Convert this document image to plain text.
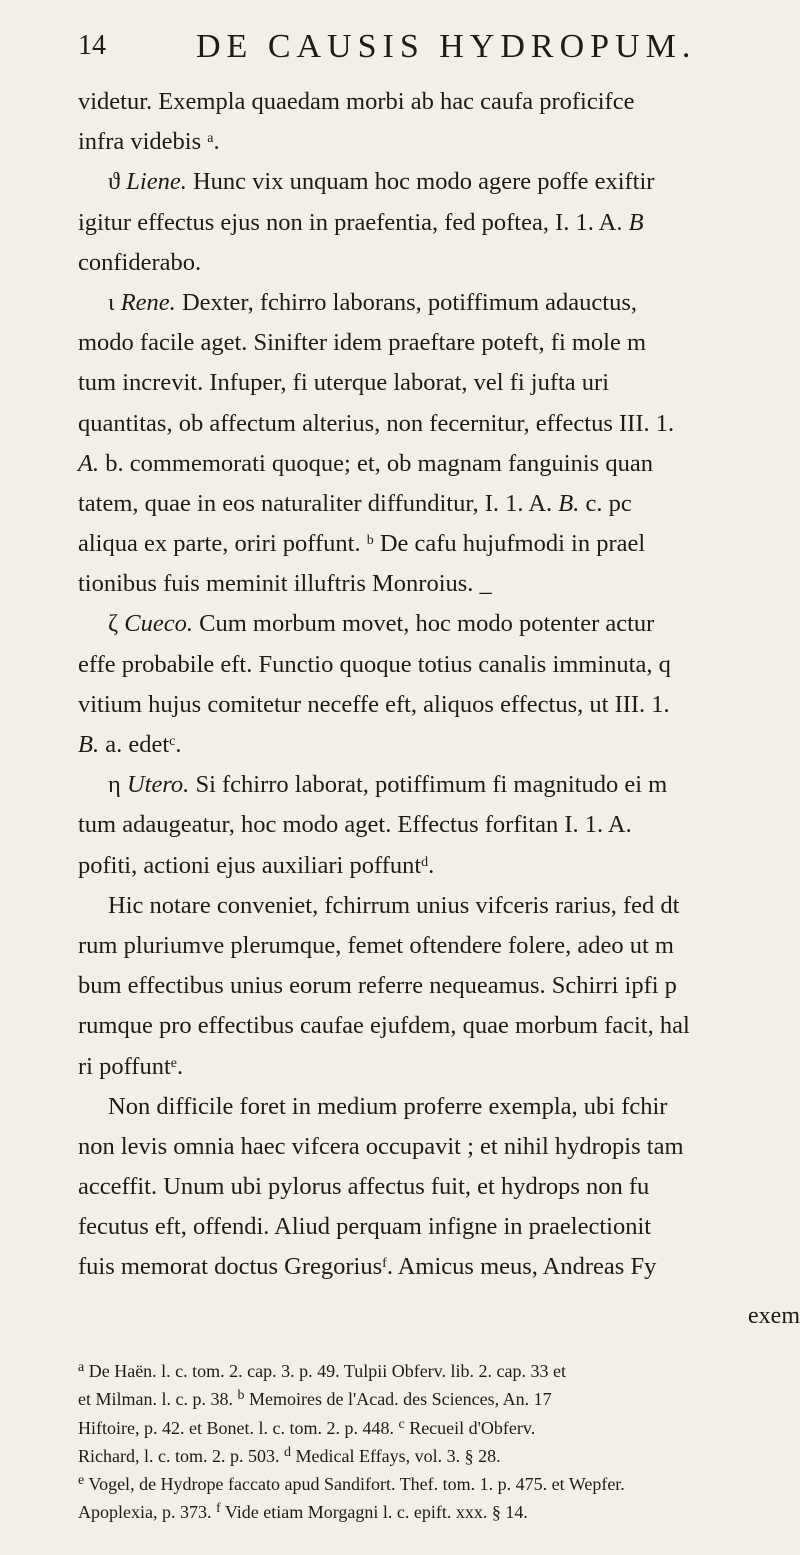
14	DE CAUSIS HYDROPUM.
videtur. Exempla quaedam morbi ab hac caufa proficifce
infra videbis $^a$.
ϑ Liene. Hunc vix unquam hoc modo agere poffe exiftir
igitur effectus ejus non in praefentia, fed poftea, I. 1. A. B
confiderabo.
ι Rene. Dexter, fchirro laborans, potiffimum adauctus,
modo facile aget. Sinifter idem praeftare poteft, fi mole m
tum increvit. Infuper, fi uterque laborat, vel fi jufta uri
quantitas, ob affectum alterius, non fecernitur, effectus III. 1.
A. b. commemorati quoque; et, ob magnam fanguinis quan
tatem, quae in eos naturaliter diffunditur, I. 1. A. B. c. pc
aliqua ex parte, oriri poffunt. $^b$ De cafu hujufmodi in prael
tionibus fuis meminit illuftris Monroius. _
ζ Cueco. Cum morbum movet, hoc modo potenter actur
effe probabile eft. Functio quoque totius canalis imminuta, q
vitium hujus comitetur neceffe eft, aliquos effectus, ut III. 1.
B. a. edet$^c$.
η Utero. Si fchirro laborat, potiffimum fi magnitudo ei m
tum adaugeatur, hoc modo aget. Effectus forfitan I. 1. A.
pofiti, actioni ejus auxiliari poffunt$^d$.
Hic notare conveniet, fchirrum unius vifceris rarius, fed dt
rum pluriumve plerumque, femet oftendere folere, adeo ut m
bum effectibus unius eorum referre nequeamus. Schirri ipfi p
rumque pro effectibus caufae ejufdem, quae morbum facit, hal
ri poffunt$^e$.
Non difficile foret in medium proferre exempla, ubi fchir
non levis omnia haec vifcera occupavit ; et nihil hydropis tam
acceffit. Unum ubi pylorus affectus fuit, et hydrops non fu
fecutus eft, offendi. Aliud perquam infigne in praelectionit
fuis memorat doctus Gregorius$^f$. Amicus meus, Andreas Fy
$^a$ De Haën. l. c. tom. 2. cap. 3. p. 49. Tulpii Obferv. lib. 2. cap. 33 et
et Milman. l. c. p. 38. $^b$ Memoires de l'Acad. des Sciences, An. 17
Hiftoire, p. 42. et Bonet. l. c. tom. 2. p. 448. $^c$ Recueil d'Obferv.
Richard, l. c. tom. 2. p. 503. $^d$ Medical Effays, vol. 3. § 28.
$^e$ Vogel, de Hydrope faccato apud Sandifort. Thef. tom. 1. p. 475. et Wepfer.
Apoplexia, p. 373. $^f$ Vide etiam Morgagni l. c. epift. xxx. § 14.
exem
